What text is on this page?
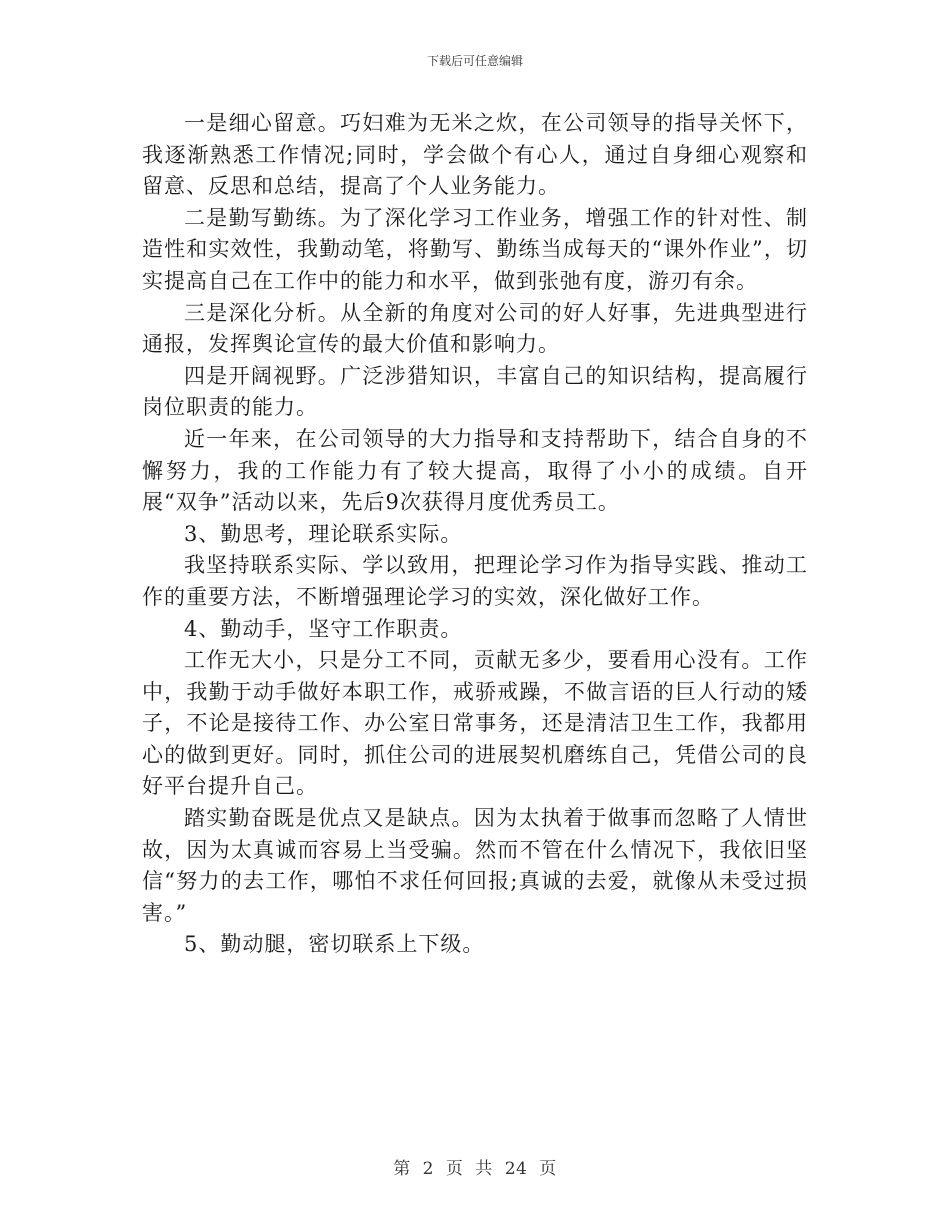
下载后可任意编辑

一是细心留意。巧妇难为无米之炊，在公司领导的指导关怀下，我逐渐熟悉工作情况;同时，学会做个有心人，通过自身细心观察和留意、反思和总结，提高了个人业务能力。

二是勤写勤练。为了深化学习工作业务，增强工作的针对性、制造性和实效性，我勤动笔，将勤写、勤练当成每天的“课外作业”，切实提高自己在工作中的能力和水平，做到张弛有度，游刃有余。

三是深化分析。从全新的角度对公司的好人好事，先进典型进行通报，发挥舆论宣传的最大价值和影响力。

四是开阔视野。广泛涉猎知识，丰富自己的知识结构，提高履行岗位职责的能力。

近一年来，在公司领导的大力指导和支持帮助下，结合自身的不懈努力，我的工作能力有了较大提高，取得了小小的成绩。自开展“双争”活动以来，先后9次获得月度优秀员工。

3、勤思考，理论联系实际。

我坚持联系实际、学以致用，把理论学习作为指导实践、推动工作的重要方法，不断增强理论学习的实效，深化做好工作。

4、勤动手，坚守工作职责。

工作无大小，只是分工不同，贡献无多少，要看用心没有。工作中，我勤于动手做好本职工作，戒骄戒躁，不做言语的巨人行动的矮子，不论是接待工作、办公室日常事务，还是清洁卫生工作，我都用心的做到更好。同时，抓住公司的进展契机磨练自己，凭借公司的良好平台提升自己。

踏实勤奋既是优点又是缺点。因为太执着于做事而忽略了人情世故，因为太真诚而容易上当受骗。然而不管在什么情况下，我依旧坚信“努力的去工作，哪怕不求任何回报;真诚的去爱，就像从未受过损害。”

5、勤动腿，密切联系上下级。

第 2 页 共 24 页
